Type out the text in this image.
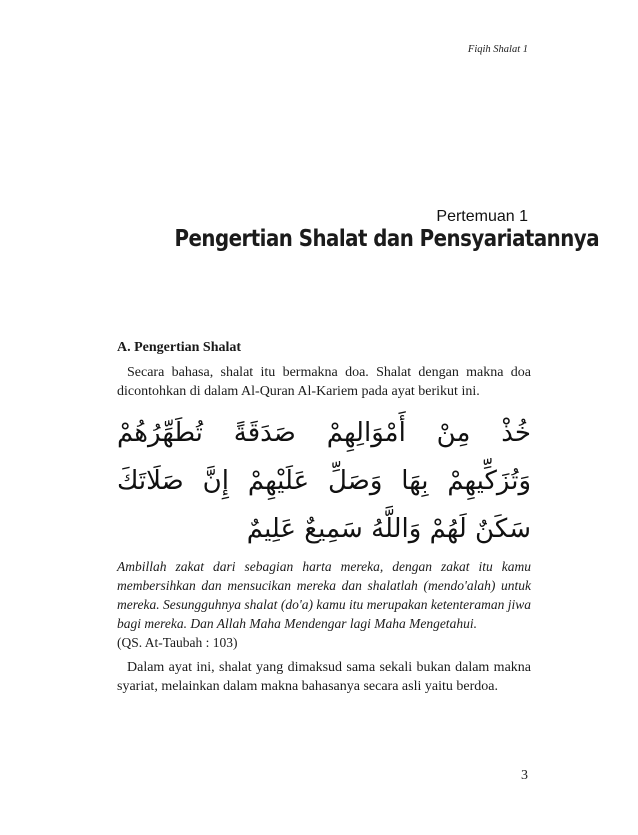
Fiqih Shalat 1
Pertemuan 1
Pengertian Shalat dan Pensyariatannya
A. Pengertian Shalat

Secara bahasa, shalat itu bermakna doa. Shalat dengan makna doa dicontohkan di dalam Al-Quran Al-Kariem pada ayat berikut ini.

خُذْ مِنْ أَمْوَالِهِمْ صَدَقَةً تُطَهِّرُهُمْ وَتُزَكِّيهِمْ بِهَا وَصَلِّ عَلَيْهِمْ إِنَّ صَلَاتَكَ سَكَنٌ لَهُمْ وَاللَّهُ سَمِيعٌ عَلِيمٌ

Ambillah zakat dari sebagian harta mereka, dengan zakat itu kamu membersihkan dan mensucikan mereka dan shalatlah (mendo'alah) untuk mereka. Sesungguhnya shalat (do'a) kamu itu merupakan ketenteraman jiwa bagi mereka. Dan Allah Maha Mendengar lagi Maha Mengetahui.

(QS. At-Taubah : 103)

Dalam ayat ini, shalat yang dimaksud sama sekali bukan dalam makna syariat, melainkan dalam makna bahasanya secara asli yaitu berdoa.

3
